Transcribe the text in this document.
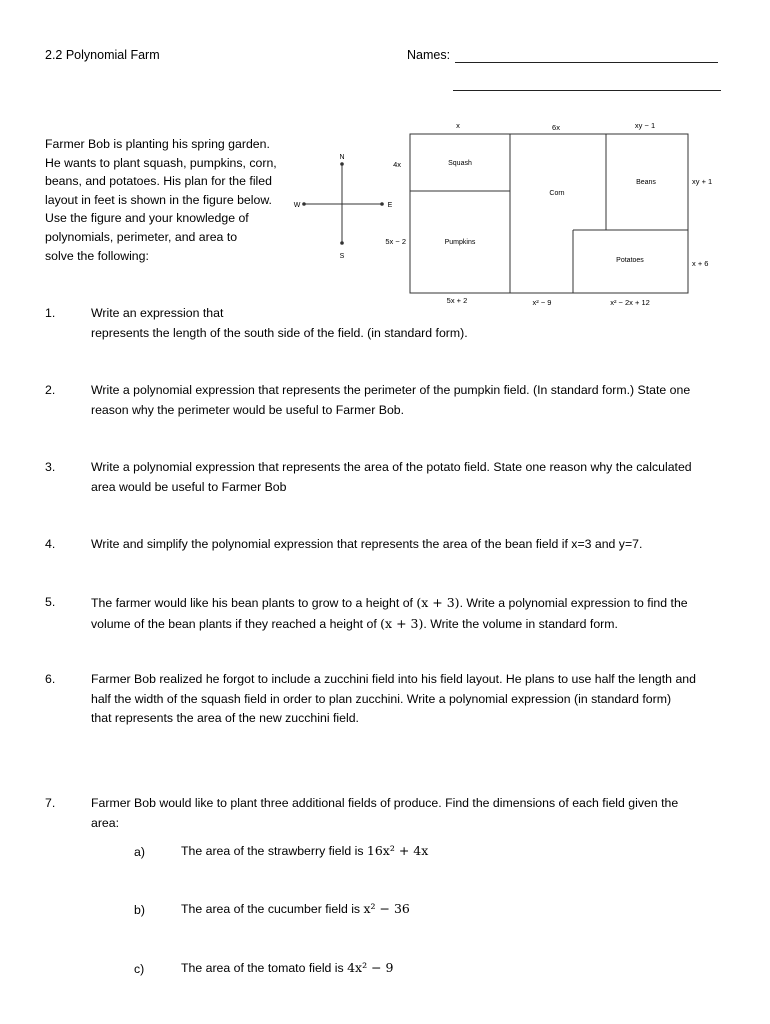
2.2 Polynomial Farm	Names:
Farmer Bob is planting his spring garden.
He wants to plant squash, pumpkins, corn,
beans, and potatoes. His plan for the filed
layout in feet is shown in the figure below.
Use the figure and your knowledge of
polynomials, perimeter, and area to
solve the following:
N
S
W	E
Squash
Pumpkins
Corn
Beans
Potatoes
x	6x	xy − 1
4x
5x − 2
xy + 1
x + 6
5x + 2	x² − 9	x² − 2x + 12
1.	Write an expression that
represents the length of the south side of the field. (in standard form).
2.	Write a polynomial expression that represents the perimeter of the pumpkin field. (In standard form.) State one
reason why the perimeter would be useful to Farmer Bob.
3.	Write a polynomial expression that represents the area of the potato field. State one reason why the calculated
area would be useful to Farmer Bob
4.	Write and simplify the polynomial expression that represents the area of the bean field if x=3 and y=7.
5.	The farmer would like his bean plants to grow to a height of (x + 3). Write a polynomial expression to find the
volume of the bean plants if they reached a height of (x + 3). Write the volume in standard form.
6.	Farmer Bob realized he forgot to include a zucchini field into his field layout. He plans to use half the length and
half the width of the squash field in order to plan zucchini. Write a polynomial expression (in standard form)
that represents the area of the new zucchini field.
7.	Farmer Bob would like to plant three additional fields of produce. Find the dimensions of each field given the
area:
a)	The area of the strawberry field is 16x² + 4x
b)	The area of the cucumber field is x² − 36
c)	The area of the tomato field is 4x² − 9
